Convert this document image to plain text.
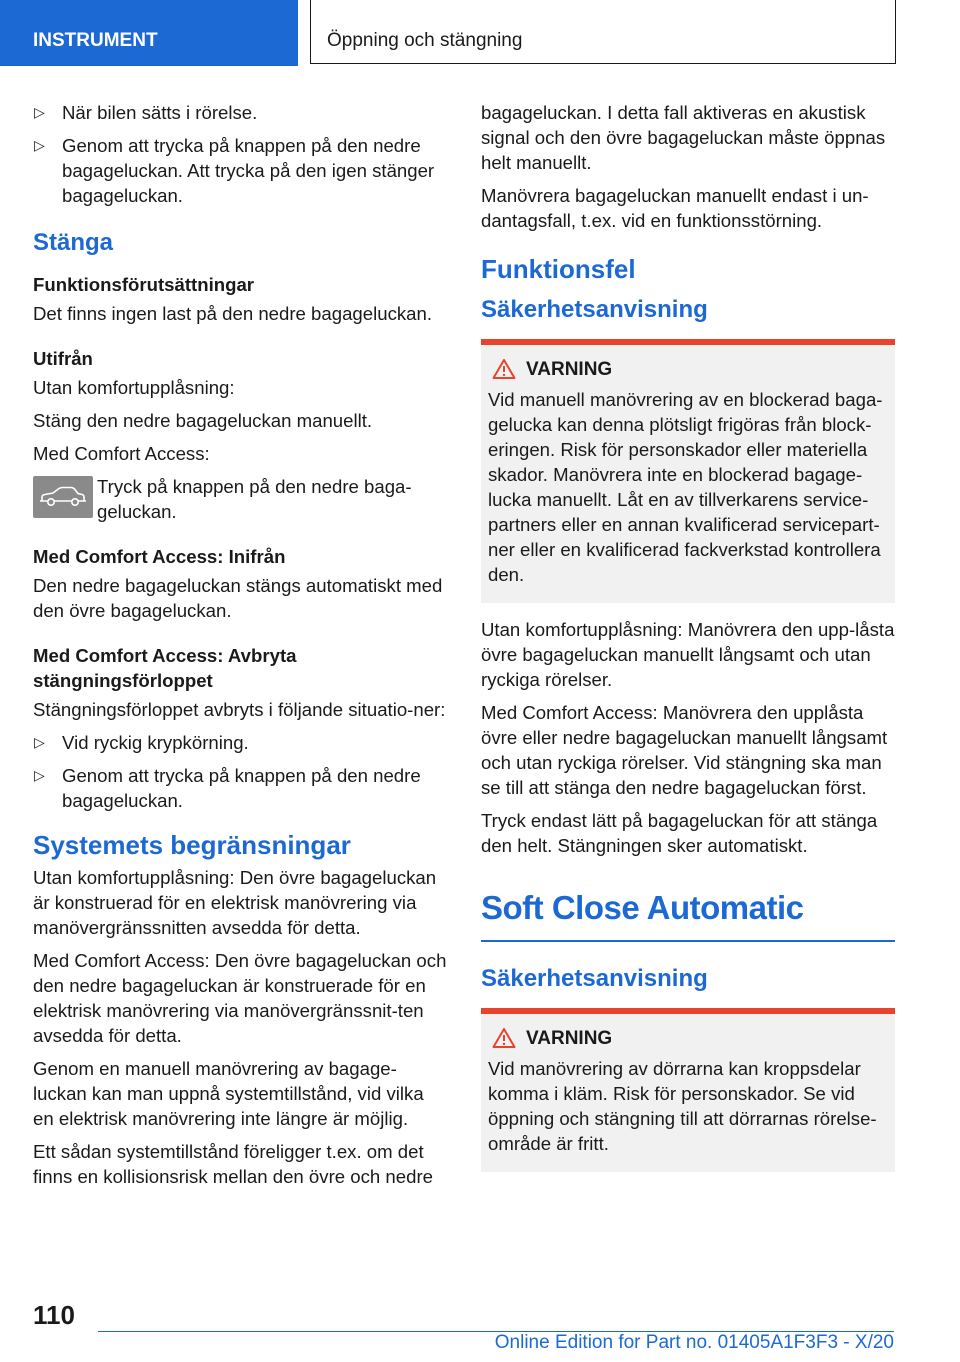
INSTRUMENT	Öppning och stängning
▷ När bilen sätts i rörelse.
▷ Genom att trycka på knappen på den nedre bagageluckan. Att trycka på den igen stänger bagageluckan.
Stänga
Funktionsförutsättningar

Det finns ingen last på den nedre bagageluckan.

Utifrån

Utan komfortupplåsning:

Stäng den nedre bagageluckan manuellt.

Med Comfort Access:

Tryck på knappen på den nedre baga-geluckan.
Med Comfort Access: Inifrån

Den nedre bagageluckan stängs automatiskt med den övre bagageluckan.

Med Comfort Access: Avbryta stängningsförloppet

Stängningsförloppet avbryts i följande situatio-ner:

▷ Vid ryckig krypkörning.
▷ Genom att trycka på knappen på den nedre bagageluckan.
Systemets begränsningar

Utan komfortupplåsning: Den övre bagageluckan är konstruerad för en elektrisk manövrering via manövergränssnitten avsedda för detta.

Med Comfort Access: Den övre bagageluckan och den nedre bagageluckan är konstruerade för en elektrisk manövrering via manövergränssnit-ten avsedda för detta.

Genom en manuell manövrering av bagage-luckan kan man uppnå systemtillstånd, vid vilka en elektrisk manövrering inte längre är möjlig.

Ett sådan systemtillstånd föreligger t.ex. om det finns en kollisionsrisk mellan den övre och nedre

bagageluckan. I detta fall aktiveras en akustisk signal och den övre bagageluckan måste öppnas helt manuellt.

Manövrera bagageluckan manuellt endast i un-dantagsfall, t.ex. vid en funktionsstörning.

Funktionsfel
Säkerhetsanvisning
VARNING
Vid manuell manövrering av en blockerad baga-gelucka kan denna plötsligt frigöras från block-eringen. Risk för personskador eller materiella skador. Manövrera inte en blockerad bagage-lucka manuellt. Låt en av tillverkarens service-partners eller en annan kvalificerad servicepart-ner eller en kvalificerad fackverkstad kontrollera den.

Utan komfortupplåsning: Manövrera den upp-låsta övre bagageluckan manuellt långsamt och utan ryckiga rörelser.

Med Comfort Access: Manövrera den upplåsta övre eller nedre bagageluckan manuellt långsamt och utan ryckiga rörelser. Vid stängning ska man se till att stänga den nedre bagageluckan först.

Tryck endast lätt på bagageluckan för att stänga den helt. Stängningen sker automatiskt.

Soft Close Automatic
Säkerhetsanvisning
VARNING
Vid manövrering av dörrarna kan kroppsdelar komma i kläm. Risk för personskador. Se vid öppning och stängning till att dörrarnas rörelse-område är fritt.
110
Online Edition for Part no. 01405A1F3F3 - X/20
